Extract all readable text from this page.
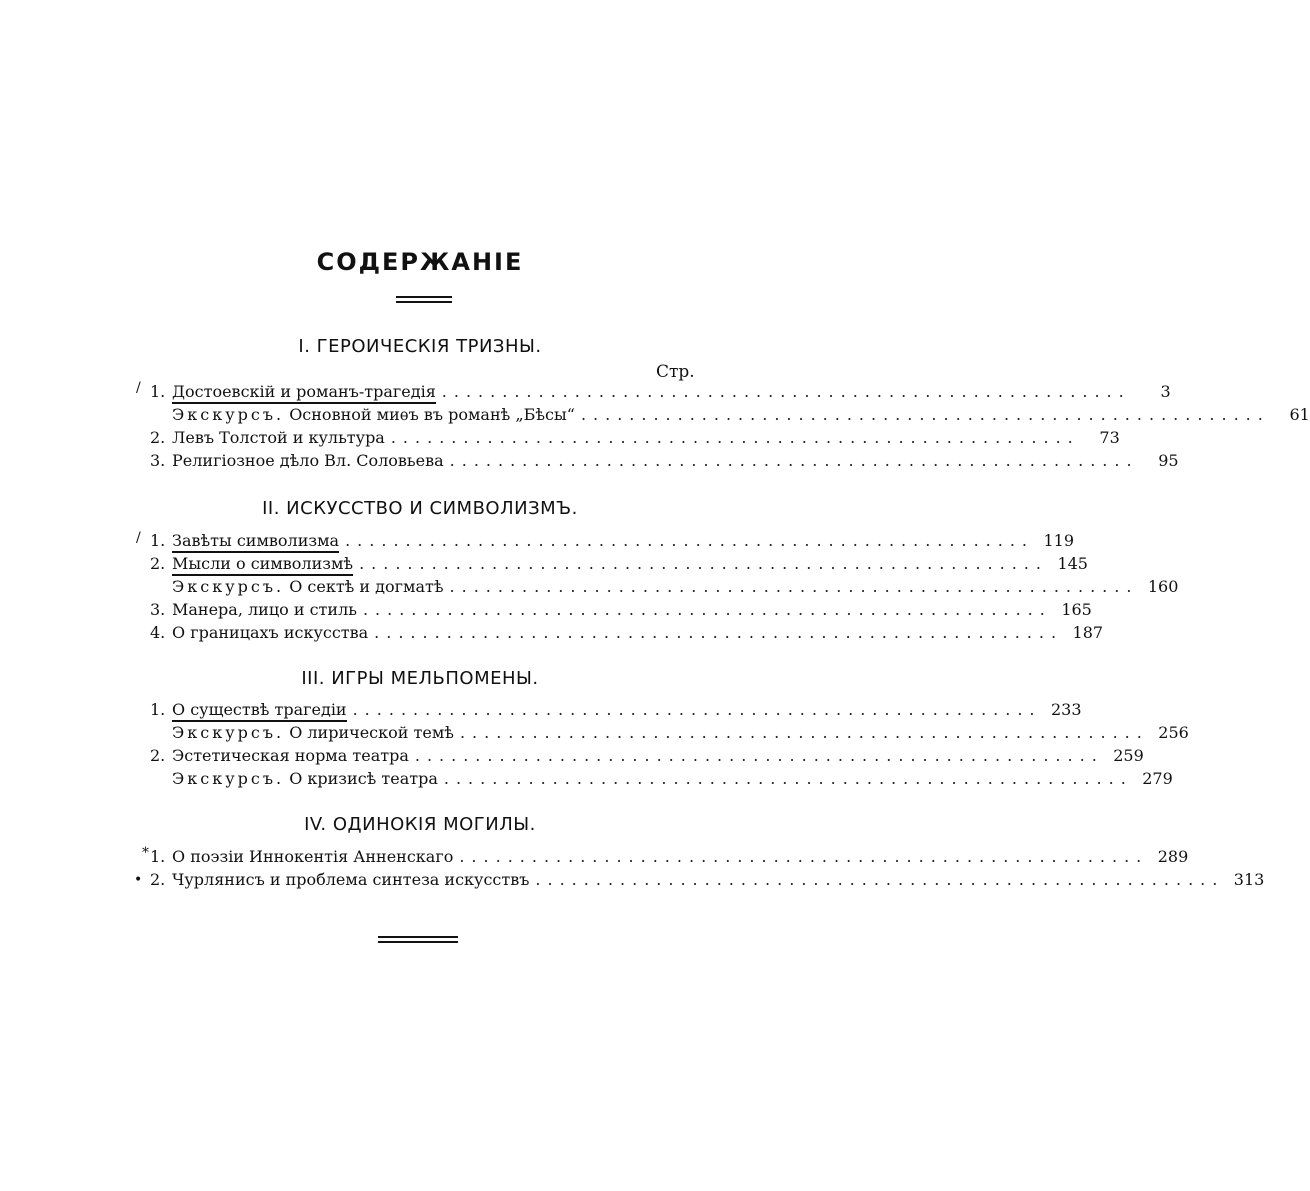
СОДЕРЖАНІЕ
I. ГЕРОИЧЕСКІЯ ТРИЗНЫ.
Стр.
1. Достоевскій и романъ-трагедія .........................................................	3
Экскурсъ. Основной миѳъ въ романѣ „Бѣсы“ .........................................................	61
2. Левъ Толстой и культура .........................................................	73
3. Религіозное дѣло Вл. Соловьева .........................................................	95
II. ИСКУССТВО И СИМВОЛИЗМЪ.
1. Завѣты символизма ......................................................... 119
2. Мысли о символизмѣ ......................................................... 145
Экскурсъ. О сектѣ и догматѣ ......................................................... 160
3. Манера, лицо и стиль ......................................................... 165
4. О границахъ искусства ......................................................... 187
III. ИГРЫ МЕЛЬПОМЕНЫ.
1. О существѣ трагедіи ......................................................... 233
Экскурсъ. О лирической темѣ ......................................................... 256
2. Эстетическая норма театра ......................................................... 259
Экскурсъ. О кризисѣ театра ......................................................... 279
IV. ОДИНОКІЯ МОГИЛЫ.
1. О поэзіи Иннокентія Анненскаго ......................................................... 289
2. Чурлянисъ и проблема синтеза искусствъ ......................................................... 313
/
/
*
•
